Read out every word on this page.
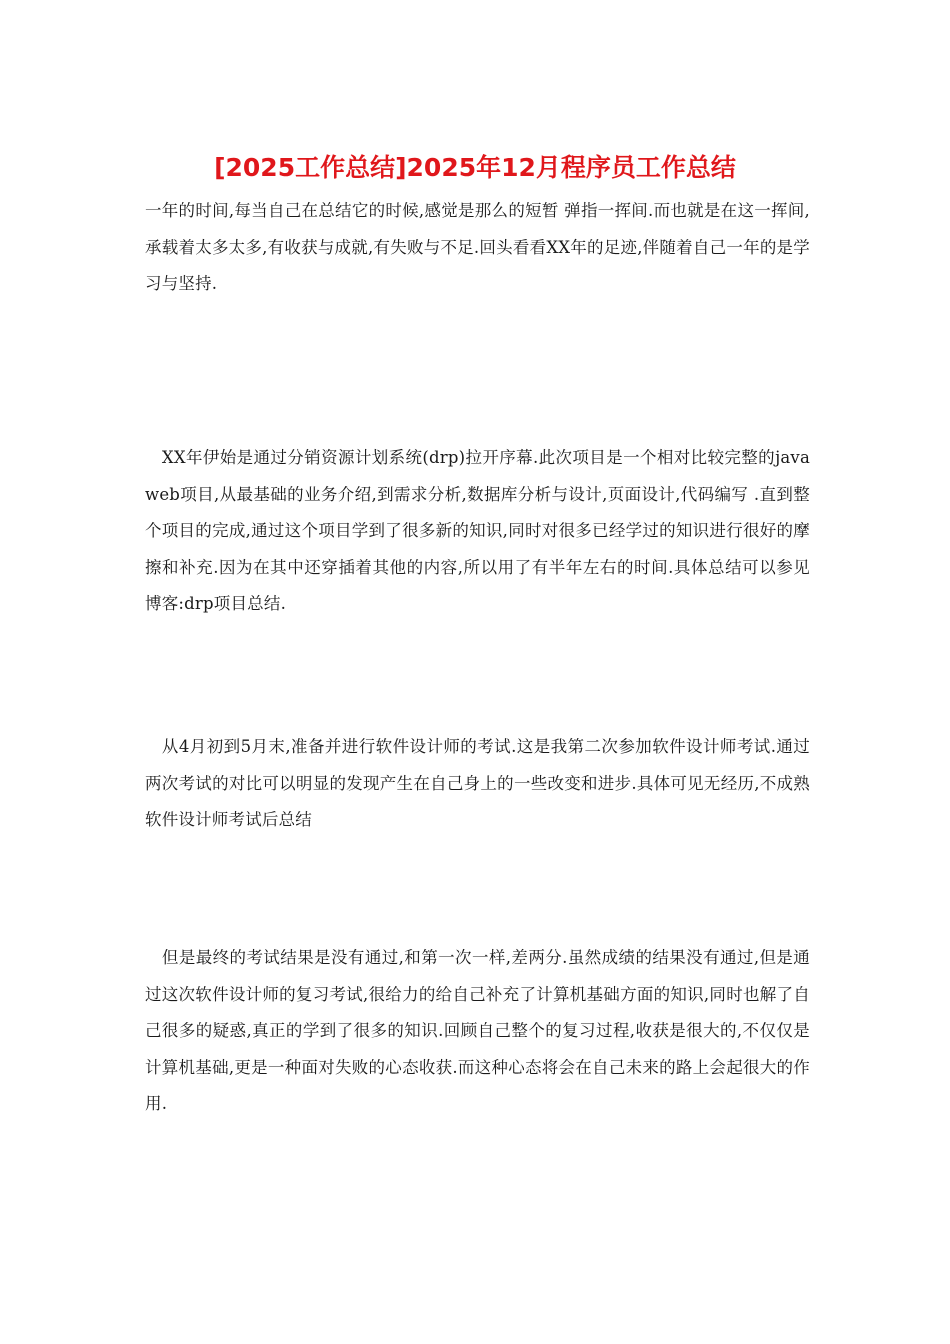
[2025工作总结]2025年12月程序员工作总结

一年的时间,每当自己在总结它的时候,感觉是那么的短暂 弹指一挥间.而也就是在这一挥间,承载着太多太多,有收获与成就,有失败与不足.回头看看XX年的足迹,伴随着自己一年的是学习与坚持.

　XX年伊始是通过分销资源计划系统(drp)拉开序幕.此次项目是一个相对比较完整的java web项目,从最基础的业务介绍,到需求分析,数据库分析与设计,页面设计,代码编写 .直到整个项目的完成,通过这个项目学到了很多新的知识,同时对很多已经学过的知识进行很好的摩擦和补充.因为在其中还穿插着其他的内容,所以用了有半年左右的时间.具体总结可以参见博客:drp项目总结.

　从4月初到5月末,准备并进行软件设计师的考试.这是我第二次参加软件设计师考试.通过两次考试的对比可以明显的发现产生在自己身上的一些改变和进步.具体可见无经历,不成熟 软件设计师考试后总结

　但是最终的考试结果是没有通过,和第一次一样,差两分.虽然成绩的结果没有通过,但是通过这次软件设计师的复习考试,很给力的给自己补充了计算机基础方面的知识,同时也解了自己很多的疑惑,真正的学到了很多的知识.回顾自己整个的复习过程,收获是很大的,不仅仅是计算机基础,更是一种面对失败的心态收获.而这种心态将会在自己未来的路上会起很大的作用.
